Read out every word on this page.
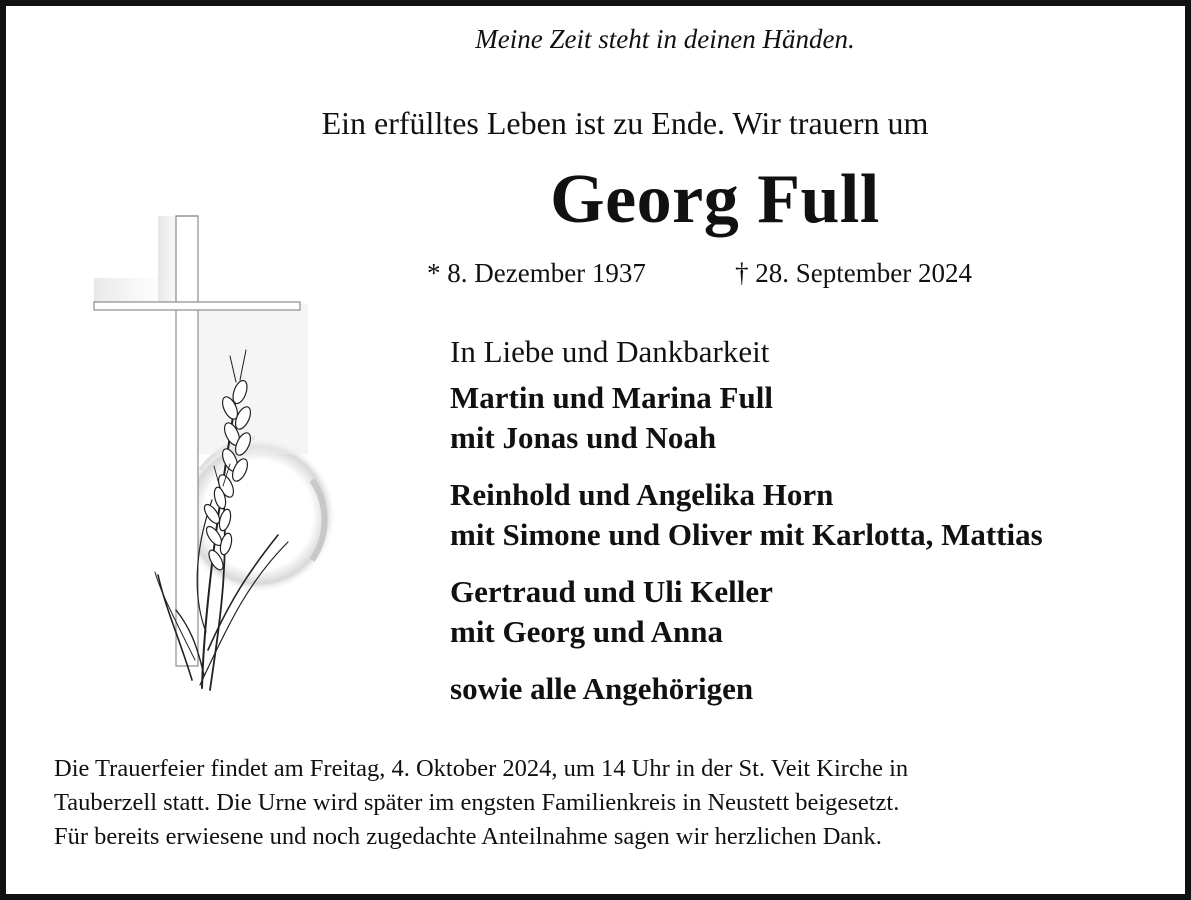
Meine Zeit steht in deinen Händen.
Ein erfülltes Leben ist zu Ende. Wir trauern um
Georg Full
* 8. Dezember 1937	† 28. September 2024
In Liebe und Dankbarkeit
Martin und Marina Full
mit Jonas und Noah
Reinhold und Angelika Horn
mit Simone und Oliver mit Karlotta, Mattias
Gertraud und Uli Keller
mit Georg und Anna
sowie alle Angehörigen
Die Trauerfeier findet am Freitag, 4. Oktober 2024, um 14 Uhr in der St. Veit Kirche in
Tauberzell statt. Die Urne wird später im engsten Familienkreis in Neustett beigesetzt.
Für bereits erwiesene und noch zugedachte Anteilnahme sagen wir herzlichen Dank.
